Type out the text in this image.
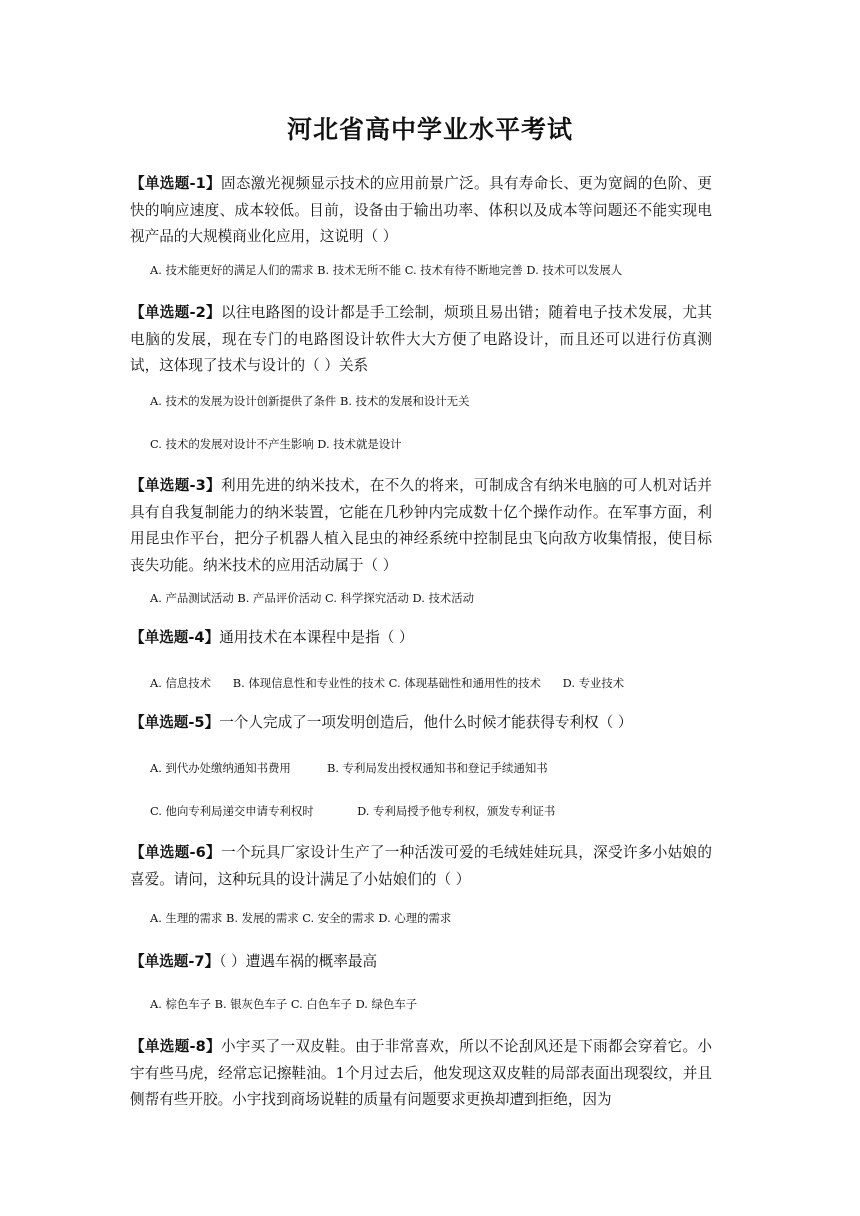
河北省高中学业水平考试
【单选题-1】固态激光视频显示技术的应用前景广泛。具有寿命长、更为宽阔的色阶、更快的响应速度、成本较低。目前，设备由于输出功率、体积以及成本等问题还不能实现电视产品的大规模商业化应用，这说明（ ）
A. 技术能更好的满足人们的需求 B. 技术无所不能 C. 技术有待不断地完善 D. 技术可以发展人
【单选题-2】以往电路图的设计都是手工绘制，烦琐且易出错；随着电子技术发展，尤其电脑的发展，现在专门的电路图设计软件大大方便了电路设计，而且还可以进行仿真测试，这体现了技术与设计的（ ）关系
A. 技术的发展为设计创新提供了条件 B. 技术的发展和设计无关
C. 技术的发展对设计不产生影响 D. 技术就是设计
【单选题-3】利用先进的纳米技术，在不久的将来，可制成含有纳米电脑的可人机对话并具有自我复制能力的纳米装置，它能在几秒钟内完成数十亿个操作动作。在军事方面，利用昆虫作平台，把分子机器人植入昆虫的神经系统中控制昆虫飞向敌方收集情报，使目标丧失功能。纳米技术的应用活动属于（ ）
A. 产品测试活动 B. 产品评价活动 C. 科学探究活动 D. 技术活动
【单选题-4】通用技术在本课程中是指（ ）
A. 信息技术      B. 体现信息性和专业性的技术 C. 体现基础性和通用性的技术      D. 专业技术
【单选题-5】一个人完成了一项发明创造后，他什么时候才能获得专利权（ ）
A. 到代办处缴纳通知书费用          B. 专利局发出授权通知书和登记手续通知书
C. 他向专利局递交申请专利权时            D. 专利局授予他专利权，颁发专利证书
【单选题-6】一个玩具厂家设计生产了一种活泼可爱的毛绒娃娃玩具，深受许多小姑娘的喜爱。请问，这种玩具的设计满足了小姑娘们的（ ）
A. 生理的需求 B. 发展的需求 C. 安全的需求 D. 心理的需求
【单选题-7】（ ）遭遇车祸的概率最高
A. 棕色车子 B. 银灰色车子 C. 白色车子 D. 绿色车子
【单选题-8】小宇买了一双皮鞋。由于非常喜欢，所以不论刮风还是下雨都会穿着它。小宇有些马虎，经常忘记擦鞋油。1个月过去后，他发现这双皮鞋的局部表面出现裂纹，并且侧帮有些开胶。小宇找到商场说鞋的质量有问题要求更换却遭到拒绝，因为
